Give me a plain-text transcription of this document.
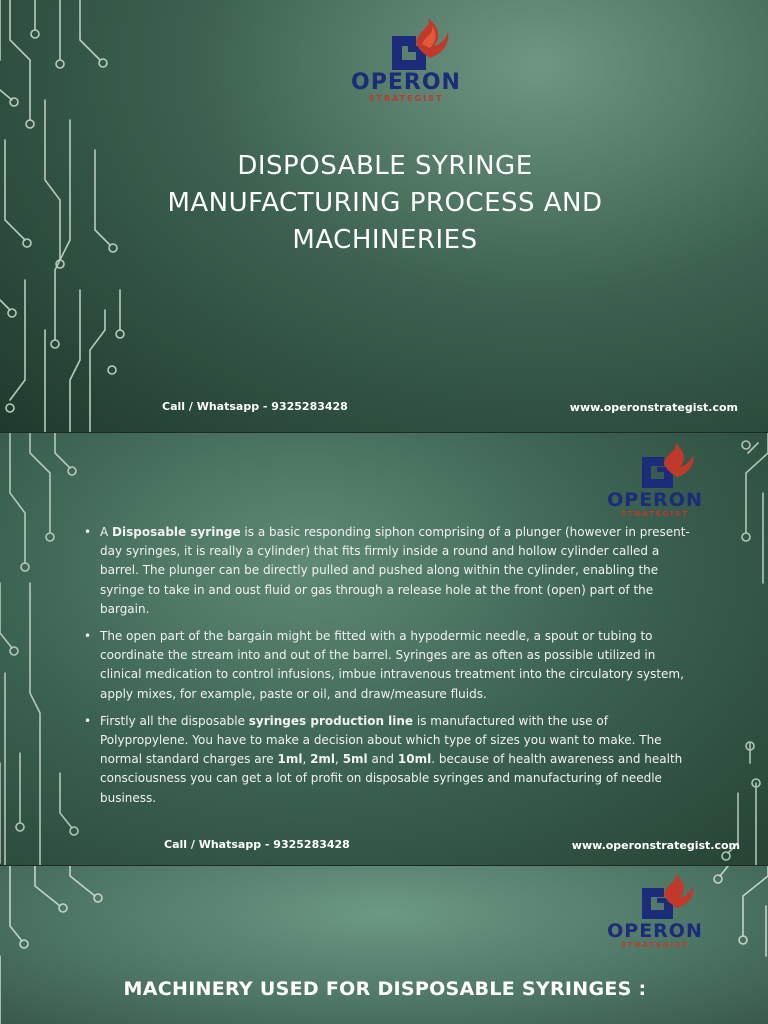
OPERON
STRATEGIST
DISPOSABLE SYRINGE
MANUFACTURING PROCESS AND
MACHINERIES
Call / Whatsapp - 9325283428	www.operonstrategist.com
OPERON
STRATEGIST
• A Disposable syringe is a basic responding siphon comprising of a plunger (however in present-day syringes, it is really a cylinder) that fits firmly inside a round and hollow cylinder called a barrel. The plunger can be directly pulled and pushed along within the cylinder, enabling the syringe to take in and oust fluid or gas through a release hole at the front (open) part of the bargain.
• The open part of the bargain might be fitted with a hypodermic needle, a spout or tubing to coordinate the stream into and out of the barrel. Syringes are as often as possible utilized in clinical medication to control infusions, imbue intravenous treatment into the circulatory system, apply mixes, for example, paste or oil, and draw/measure fluids.
• Firstly all the disposable syringes production line is manufactured with the use of Polypropylene. You have to make a decision about which type of sizes you want to make. The normal standard charges are 1ml, 2ml, 5ml and 10ml. because of health awareness and health consciousness you can get a lot of profit on disposable syringes and manufacturing of needle business.
Call / Whatsapp - 9325283428	www.operonstrategist.com
OPERON
STRATEGIST
MACHINERY USED FOR DISPOSABLE SYRINGES :
